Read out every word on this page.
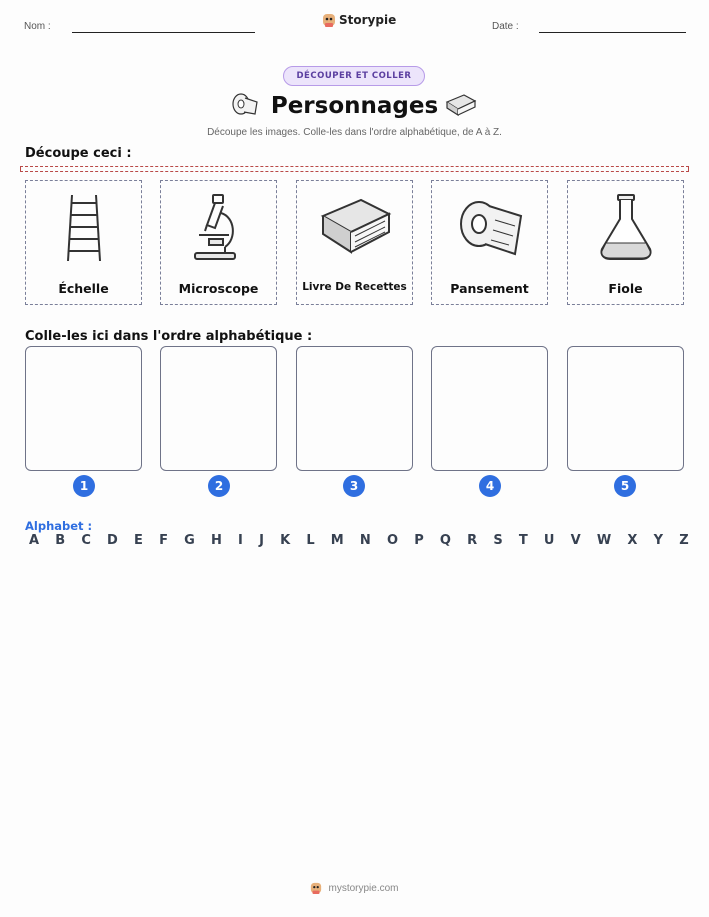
Nom :	Storypie	Date :
DÉCOUPER ET COLLER
Personnages
Découpe les images. Colle-les dans l'ordre alphabétique, de A à Z.
Découpe ceci :
Échelle	Microscope	Livre De Recettes	Pansement	Fiole
Colle-les ici dans l'ordre alphabétique :
1	2	3	4	5
Alphabet :
A B C D E F G H I J K L M N O P Q R S T U V W X Y Z
mystorypie.com
